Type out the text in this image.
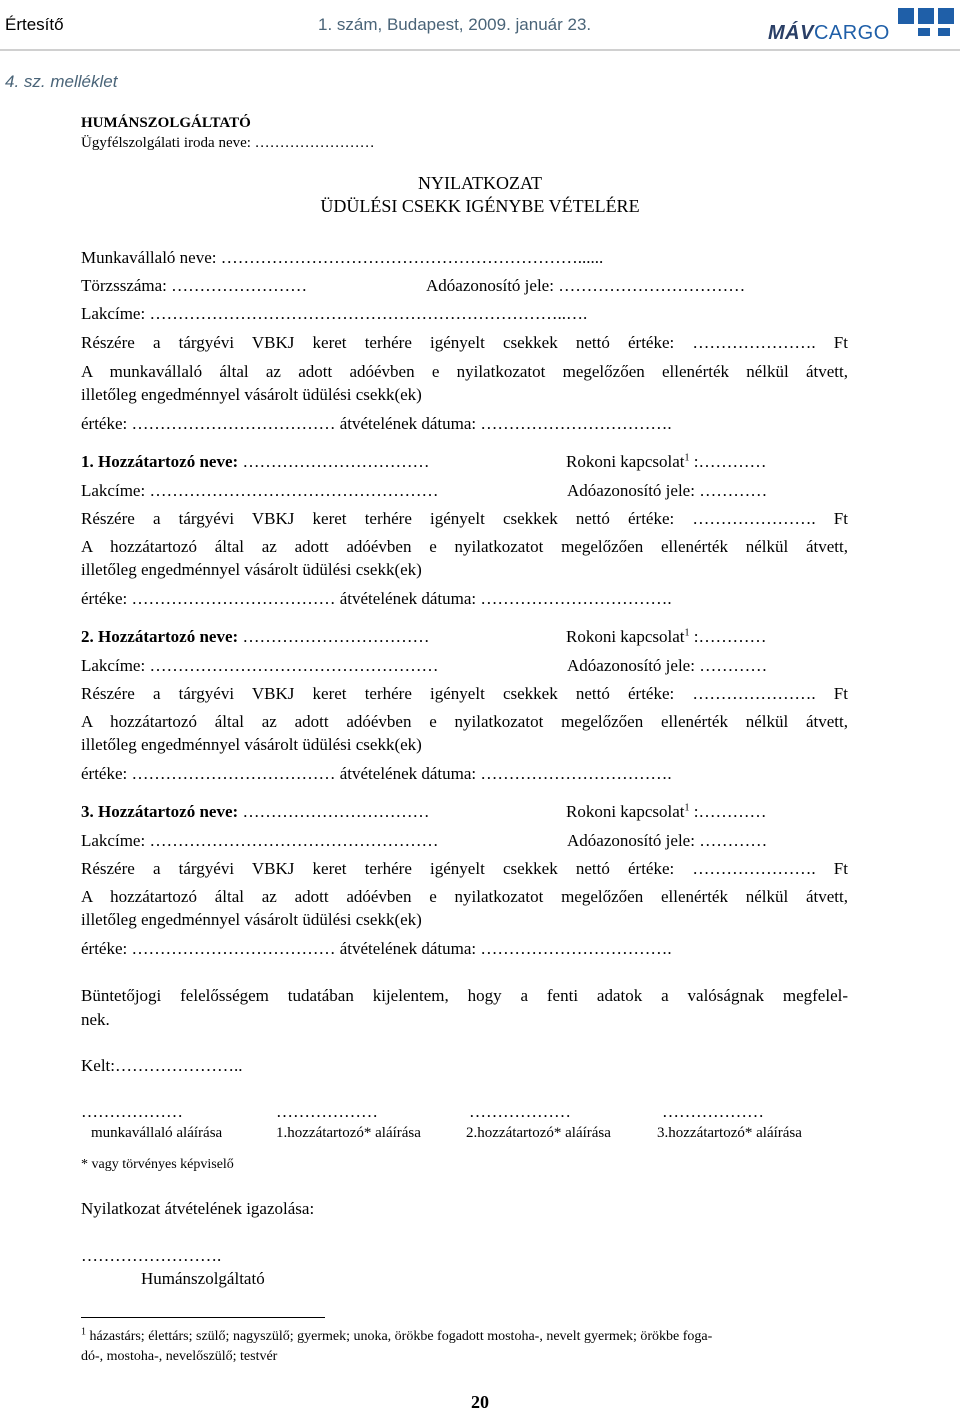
Értesítő	1. szám, Budapest, 2009. január 23.	MÁVCARGO
4. sz. melléklet
HUMÁNSZOLGÁLTATÓ
Ügyfélszolgálati iroda neve: ……………………
NYILATKOZAT
ÜDÜLÉSI CSEKK IGÉNYBE VÉTELÉRE
Munkavállaló neve: ………………………………………………………......
Törzsszáma: ……………………	Adóazonosító jele: ……………………………
Lakcíme: ………………………………………………………………..….
Részére a tárgyévi VBKJ keret terhére igényelt csekkek nettó értéke: …………………. Ft
A munkavállaló által az adott adóévben e nyilatkozatot megelőzően ellenérték nélkül átvett,
illetőleg engedménnyel vásárolt üdülési csekk(ek)
értéke: ……………………………… átvételének dátuma: …………………………….
1. Hozzátartozó neve: ……………………………	Rokoni kapcsolat$^1$ :…………
Lakcíme: ……………………………………………	Adóazonosító jele: …………
Részére a tárgyévi VBKJ keret terhére igényelt csekkek nettó értéke: …………………. Ft
A hozzátartozó által az adott adóévben e nyilatkozatot megelőzően ellenérték nélkül átvett,
illetőleg engedménnyel vásárolt üdülési csekk(ek)
értéke: ……………………………… átvételének dátuma: …………………………….
2. Hozzátartozó neve: ……………………………	Rokoni kapcsolat$^1$ :…………
Lakcíme: ……………………………………………	Adóazonosító jele: …………
Részére a tárgyévi VBKJ keret terhére igényelt csekkek nettó értéke: …………………. Ft
A hozzátartozó által az adott adóévben e nyilatkozatot megelőzően ellenérték nélkül átvett,
illetőleg engedménnyel vásárolt üdülési csekk(ek)
értéke: ……………………………… átvételének dátuma: …………………………….
3. Hozzátartozó neve: ……………………………	Rokoni kapcsolat$^1$ :…………
Lakcíme: ……………………………………………	Adóazonosító jele: …………
Részére a tárgyévi VBKJ keret terhére igényelt csekkek nettó értéke: …………………. Ft
A hozzátartozó által az adott adóévben e nyilatkozatot megelőzően ellenérték nélkül átvett,
illetőleg engedménnyel vásárolt üdülési csekk(ek)
értéke: ……………………………… átvételének dátuma: …………………………….
Büntetőjogi felelősségem tudatában kijelentem, hogy a fenti adatok a valóságnak megfelel-
nek.
Kelt:…………………..
………………	………………	………………	………………
munkavállaló aláírása	1.hozzátartozó* aláírása	2.hozzátartozó* aláírása	3.hozzátartozó* aláírása
* vagy törvényes képviselő
Nyilatkozat átvételének igazolása:
…………………….
Humánszolgáltató
$^1$ házastárs; élettárs; szülő; nagyszülő; gyermek; unoka, örökbe fogadott mostoha-, nevelt gyermek; örökbe foga-
dó-, mostoha-, nevelőszülő; testvér
20
